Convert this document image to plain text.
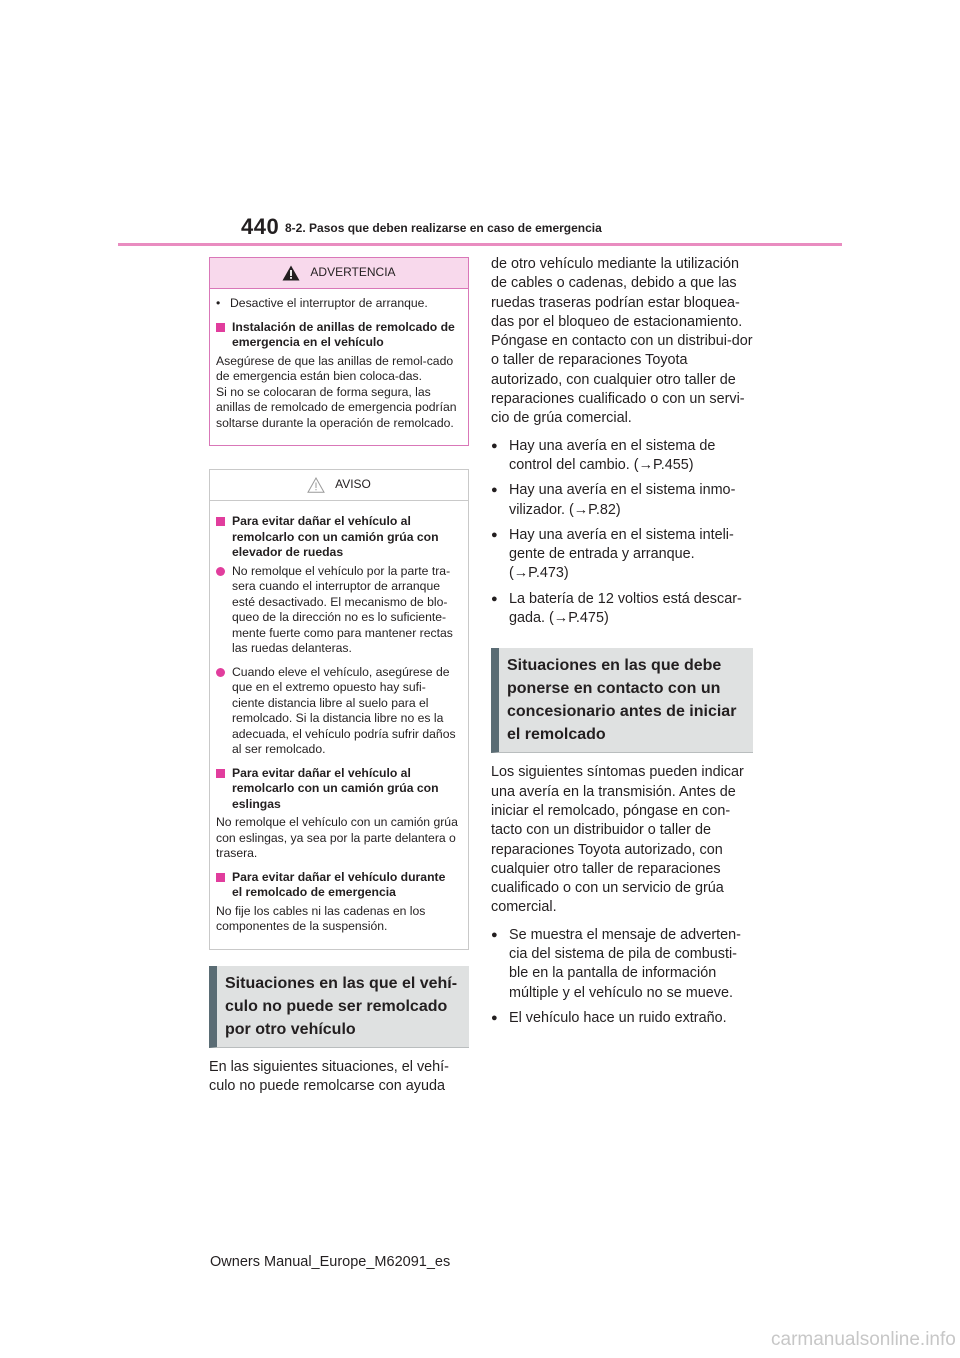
440 8-2. Pasos que deben realizarse en caso de emergencia
ADVERTENCIA
• Desactive el interruptor de arranque.
Instalación de anillas de remolcado de emergencia en el vehículo
Asegúrese de que las anillas de remol-cado de emergencia están bien coloca-das.
Si no se colocaran de forma segura, las anillas de remolcado de emergencia podrían soltarse durante la operación de remolcado.
AVISO
Para evitar dañar el vehículo al remolcarlo con un camión grúa con elevador de ruedas
No remolque el vehículo por la parte tra-sera cuando el interruptor de arranque esté desactivado. El mecanismo de blo-queo de la dirección no es lo suficiente-mente fuerte como para mantener rectas las ruedas delanteras.
Cuando eleve el vehículo, asegúrese de que en el extremo opuesto hay sufi-ciente distancia libre al suelo para el remolcado. Si la distancia libre no es la adecuada, el vehículo podría sufrir daños al ser remolcado.
Para evitar dañar el vehículo al remolcarlo con un camión grúa con eslingas
No remolque el vehículo con un camión grúa con eslingas, ya sea por la parte delantera o trasera.
Para evitar dañar el vehículo durante el remolcado de emergencia
No fije los cables ni las cadenas en los componentes de la suspensión.
Situaciones en las que el vehí-culo no puede ser remolcado por otro vehículo
En las siguientes situaciones, el vehí-culo no puede remolcarse con ayuda
de otro vehículo mediante la utilización de cables o cadenas, debido a que las ruedas traseras podrían estar bloquea-das por el bloqueo de estacionamiento. Póngase en contacto con un distribui-dor o taller de reparaciones Toyota autorizado, con cualquier otro taller de reparaciones cualificado o con un servi-cio de grúa comercial.
● Hay una avería en el sistema de control del cambio. (→P.455)
● Hay una avería en el sistema inmo-vilizador. (→P.82)
● Hay una avería en el sistema inteli-gente de entrada y arranque. (→P.473)
● La batería de 12 voltios está descar-gada. (→P.475)
Situaciones en las que debe ponerse en contacto con un concesionario antes de iniciar el remolcado
Los siguientes síntomas pueden indicar una avería en la transmisión. Antes de iniciar el remolcado, póngase en con-tacto con un distribuidor o taller de reparaciones Toyota autorizado, con cualquier otro taller de reparaciones cualificado o con un servicio de grúa comercial.
● Se muestra el mensaje de adverten-cia del sistema de pila de combusti-ble en la pantalla de información múltiple y el vehículo no se mueve.
● El vehículo hace un ruido extraño.
Owners Manual_Europe_M62091_es
carmanualsonline.info
